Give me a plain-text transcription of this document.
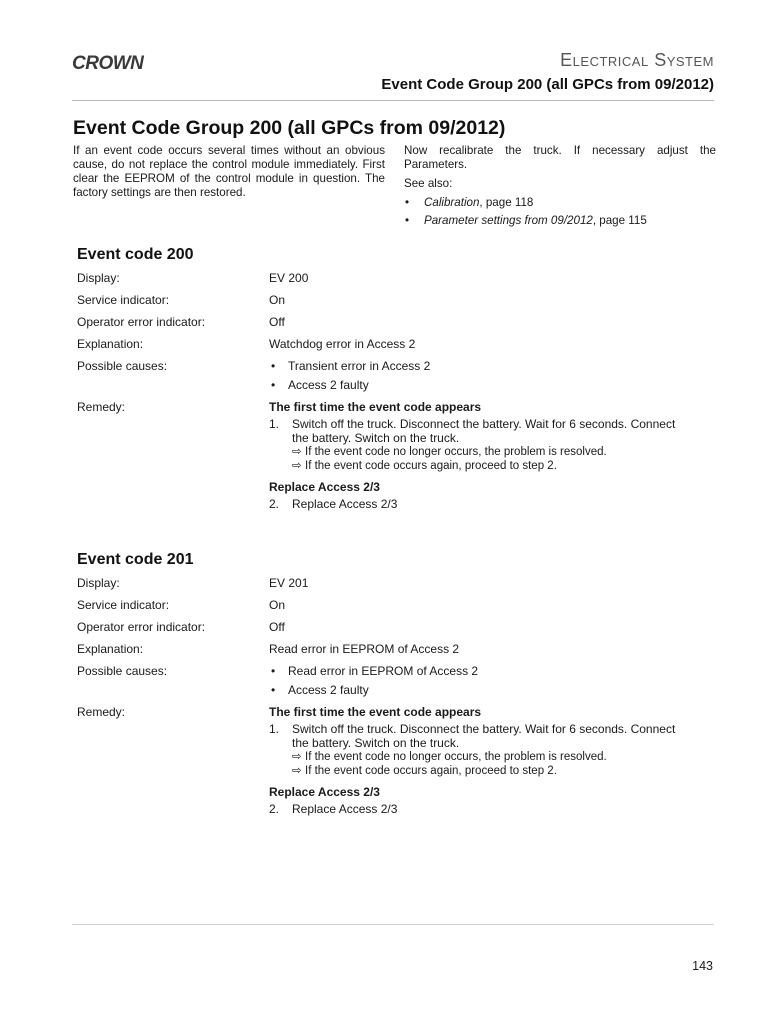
CROWN	Electrical System
Event Code Group 200 (all GPCs from 09/2012)
Event Code Group 200 (all GPCs from 09/2012)
If an event code occurs several times without an obvious cause, do not replace the control module immediately. First clear the EEPROM of the control module in question. The factory settings are then restored.

Now recalibrate the truck. If necessary adjust the Parameters.

See also:

• Calibration, page 118
• Parameter settings from 09/2012, page 115
Event code 200
Display:	EV 200
Service indicator:	On
Operator error indicator:	Off
Explanation:	Watchdog error in Access 2
Possible causes:	• Transient error in Access 2
• Access 2 faulty
Remedy:	The first time the event code appears
1. Switch off the truck. Disconnect the battery. Wait for 6 seconds. Connect
the battery. Switch on the truck.
⇨ If the event code no longer occurs, the problem is resolved.
⇨ If the event code occurs again, proceed to step 2.
Replace Access 2/3
2. Replace Access 2/3
Event code 201
Display:	EV 201
Service indicator:	On
Operator error indicator:	Off
Explanation:	Read error in EEPROM of Access 2
Possible causes:	• Read error in EEPROM of Access 2
• Access 2 faulty
Remedy:	The first time the event code appears
1. Switch off the truck. Disconnect the battery. Wait for 6 seconds. Connect
the battery. Switch on the truck.
⇨ If the event code no longer occurs, the problem is resolved.
⇨ If the event code occurs again, proceed to step 2.
Replace Access 2/3
2. Replace Access 2/3
143
